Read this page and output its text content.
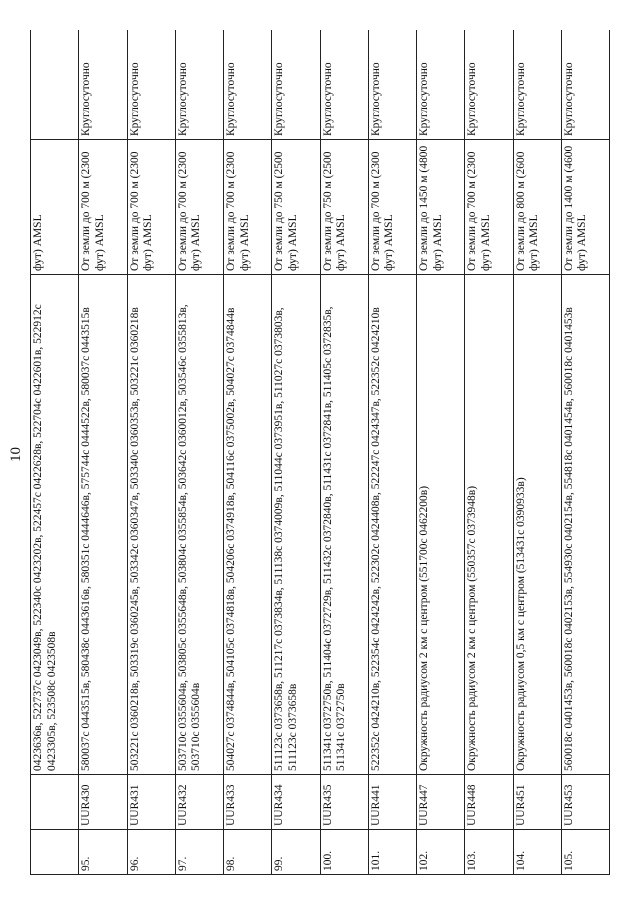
10
		0423636в, 522737с 0423049в, 522340с 0423202в, 522457с 0422628в, 522704с 0422601в, 522912с 0423305в, 523508с 0423508в	фут) AMSL	
95.	UUR430	580037с 0443515в, 580438с 0443616в, 580351с 0444646в, 575744с 0444522в, 580037с 0443515в	От земли до 700 м (2300 фут) AMSL	Круглосуточно
96.	UUR431	503221с 0360218в, 503319с 0360245в, 503342с 0360347в, 503340с 0360353в, 503221с 0360218в	От земли до 700 м (2300 фут) AMSL	Круглосуточно
97.	UUR432	503710с 0355604в, 503805с 0355648в, 503804с 0355854в, 503642с 0360012в, 503546с 0355813в, 503710с 0355604в	От земли до 700 м (2300 фут) AMSL	Круглосуточно
98.	UUR433	504027с 0374844в, 504105с 0374818в, 504206с 0374918в, 504116с 0375002в, 504027с 0374844в	От земли до 700 м (2300 фут) AMSL	Круглосуточно
99.	UUR434	511123с 0373658в, 511217с 0373834в, 511138с 0374009в, 511044с 0373951в, 511027с 0373803в, 511123с 0373658в	От земли до 750 м (2500 фут) AMSL	Круглосуточно
100.	UUR435	511341с 0372750в, 511404с 0372729в, 511432с 0372840в, 511431с 0372841в, 511405с 0372835в, 511341с 0372750в	От земли до 750 м (2500 фут) AMSL	Круглосуточно
101.	UUR441	522352с 0424210в, 522354с 0424242в, 522302с 0424408в, 522247с 0424347в, 522352с 0424210в	От земли до 700 м (2300 фут) AMSL	Круглосуточно
102.	UUR447	Окружность радиусом 2 км с центром (551700с 0462200в)	От земли до 1450 м (4800 фут) AMSL	Круглосуточно
103.	UUR448	Окружность радиусом 2 км с центром (550357с 0373948в)	От земли до 700 м (2300 фут) AMSL	Круглосуточно
104.	UUR451	Окружность радиусом 0,5 км с центром (513431с 0390933в)	От земли до 800 м (2600 фут) AMSL	Круглосуточно
105.	UUR453	560018с 0401453в, 560018с 0402153в, 554930с 0402154в, 554818с 0401454в, 560018с 0401453в	От земли до 1400 м (4600 фут) AMSL	Круглосуточно
